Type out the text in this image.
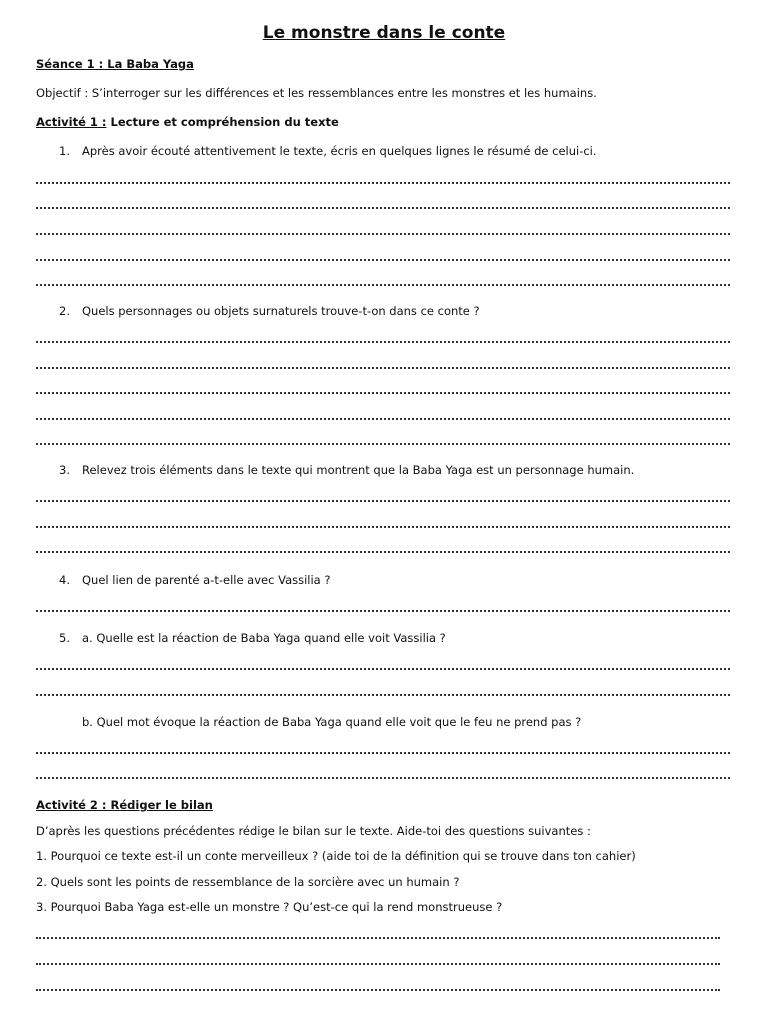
Le monstre dans le conte
Séance 1 : La Baba Yaga
Objectif : S’interroger sur les différences et les ressemblances entre les monstres et les humains.
Activité 1 : Lecture et compréhension du texte
1. Après avoir écouté attentivement le texte, écris en quelques lignes le résumé de celui-ci.
2. Quels personnages ou objets surnaturels trouve-t-on dans ce conte ?
3. Relevez trois éléments dans le texte qui montrent que la Baba Yaga est un personnage humain.
4. Quel lien de parenté a-t-elle avec Vassilia ?
5. a. Quelle est la réaction de Baba Yaga quand elle voit Vassilia ?
b. Quel mot évoque la réaction de Baba Yaga quand elle voit que le feu ne prend pas ?
Activité 2 : Rédiger le bilan
D’après les questions précédentes rédige le bilan sur le texte. Aide-toi des questions suivantes :
1. Pourquoi ce texte est-il un conte merveilleux ? (aide toi de la définition qui se trouve dans ton cahier)
2. Quels sont les points de ressemblance de la sorcière avec un humain ?
3. Pourquoi Baba Yaga est-elle un monstre ? Qu’est-ce qui la rend monstrueuse ?
